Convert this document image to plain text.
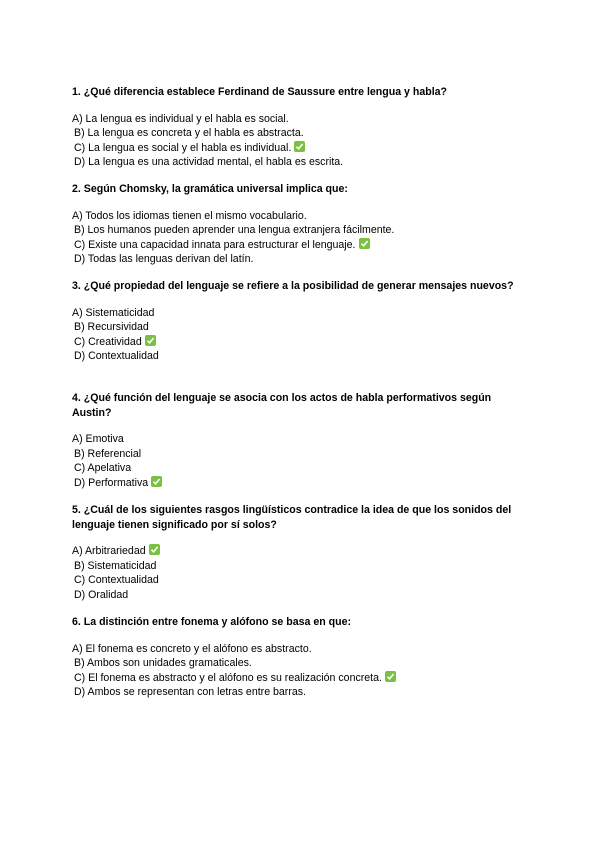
1. ¿Qué diferencia establece Ferdinand de Saussure entre lengua y habla?
A) La lengua es individual y el habla es social.
B) La lengua es concreta y el habla es abstracta.
C) La lengua es social y el habla es individual.
D) La lengua es una actividad mental, el habla es escrita.
2. Según Chomsky, la gramática universal implica que:
A) Todos los idiomas tienen el mismo vocabulario.
B) Los humanos pueden aprender una lengua extranjera fácilmente.
C) Existe una capacidad innata para estructurar el lenguaje.
D) Todas las lenguas derivan del latín.
3. ¿Qué propiedad del lenguaje se refiere a la posibilidad de generar mensajes nuevos?
A) Sistematicidad
B) Recursividad
C) Creatividad
D) Contextualidad
4. ¿Qué función del lenguaje se asocia con los actos de habla performativos según Austin?
A) Emotiva
B) Referencial
C) Apelativa
D) Performativa
5. ¿Cuál de los siguientes rasgos lingüísticos contradice la idea de que los sonidos del lenguaje tienen significado por sí solos?
A) Arbitrariedad
B) Sistematicidad
C) Contextualidad
D) Oralidad
6. La distinción entre fonema y alófono se basa en que:
A) El fonema es concreto y el alófono es abstracto.
B) Ambos son unidades gramaticales.
C) El fonema es abstracto y el alófono es su realización concreta.
D) Ambos se representan con letras entre barras.
